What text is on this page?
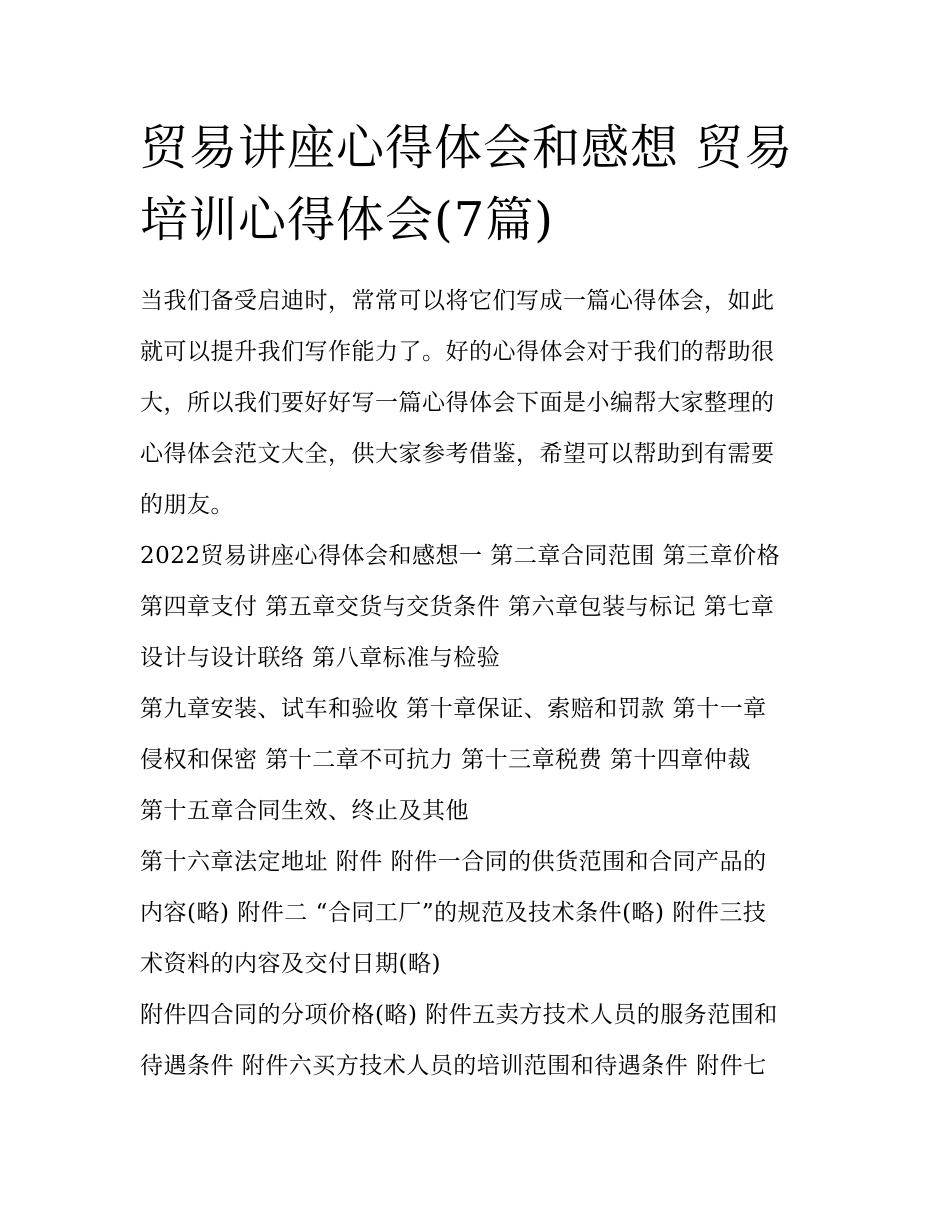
贸易讲座心得体会和感想 贸易
培训心得体会(7篇)

当我们备受启迪时，常常可以将它们写成一篇心得体会，如此
就可以提升我们写作能力了。好的心得体会对于我们的帮助很
大，所以我们要好好写一篇心得体会下面是小编帮大家整理的
心得体会范文大全，供大家参考借鉴，希望可以帮助到有需要
的朋友。

2022贸易讲座心得体会和感想一 第二章合同范围 第三章价格
第四章支付 第五章交货与交货条件 第六章包装与标记 第七章
设计与设计联络 第八章标准与检验

第九章安装、试车和验收 第十章保证、索赔和罚款 第十一章
侵权和保密 第十二章不可抗力 第十三章税费 第十四章仲裁
第十五章合同生效、终止及其他

第十六章法定地址 附件 附件一合同的供货范围和合同产品的
内容(略) 附件二 “合同工厂”的规范及技术条件(略) 附件三技
术资料的内容及交付日期(略)

附件四合同的分项价格(略) 附件五卖方技术人员的服务范围和
待遇条件 附件六买方技术人员的培训范围和待遇条件 附件七
